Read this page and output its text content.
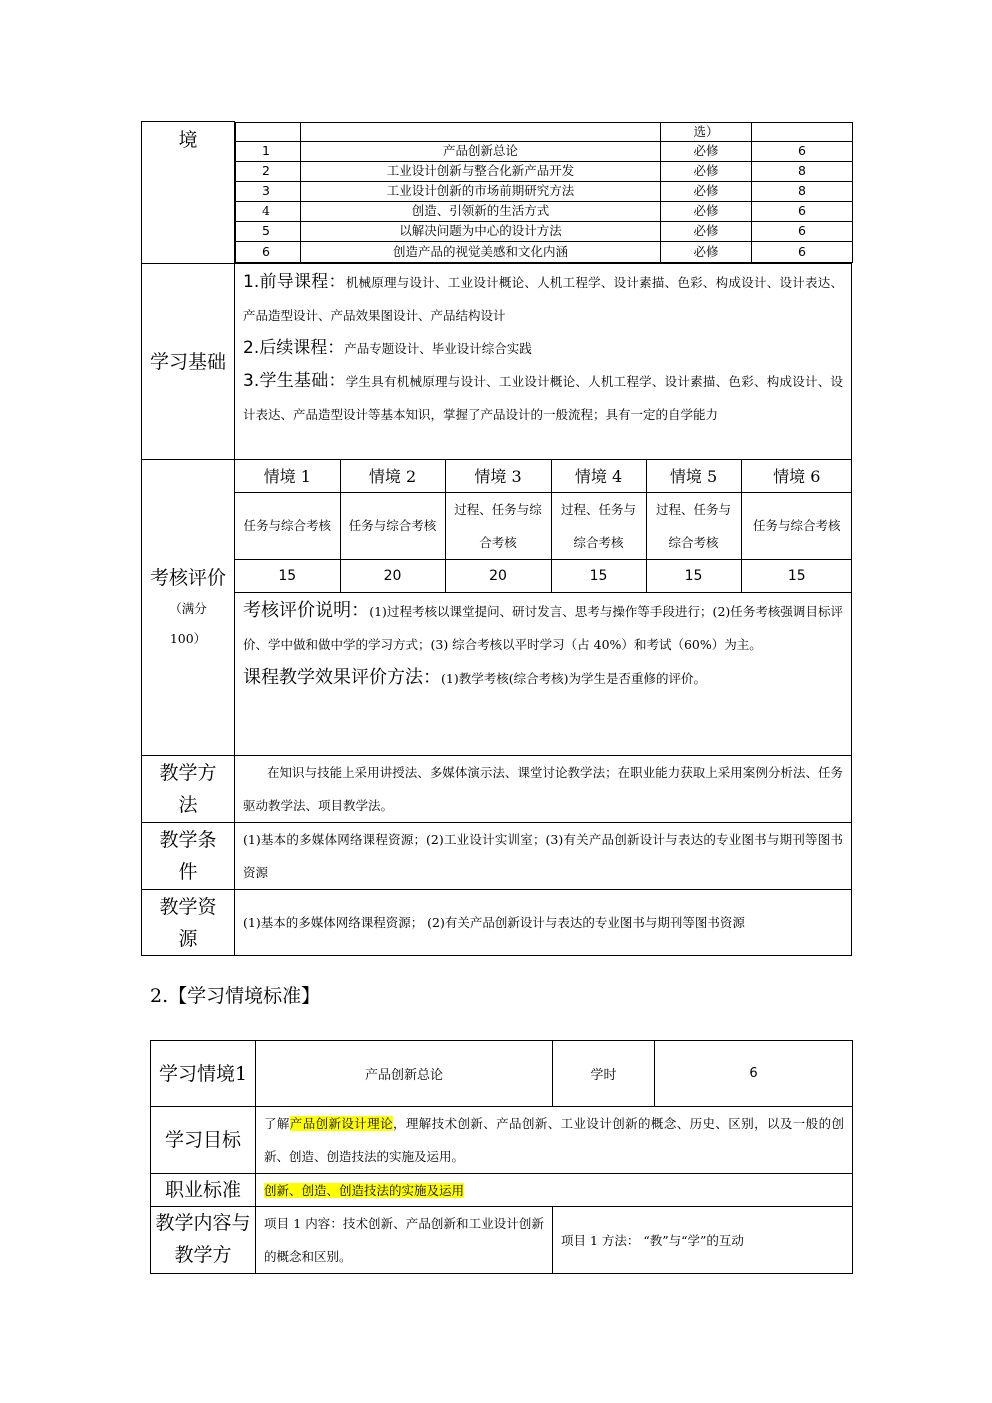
境

			选）	
1	产品创新总论	必修	6
2	工业设计创新与整合化新产品开发	必修	8
3	工业设计创新的市场前期研究方法	必修	8
4	创造、引领新的生活方式	必修	6
5	以解决问题为中心的设计方法	必修	6
6	创造产品的视觉美感和文化内涵	必修	6

学习基础

1.前导课程：机械原理与设计、工业设计概论、人机工程学、设计素描、色彩、构成设计、设计表达、产品造型设计、产品效果图设计、产品结构设计
2.后续课程：产品专题设计、毕业设计综合实践
3.学生基础：学生具有机械原理与设计、工业设计概论、人机工程学、设计素描、色彩、构成设计、设计表达、产品造型设计等基本知识，掌握了产品设计的一般流程；具有一定的自学能力

考核评价
（满分100）

情境 1	情境 2	情境 3	情境 4	情境 5	情境 6
任务与综合考核	任务与综合考核	过程、任务与综合考核	过程、任务与综合考核	过程、任务与综合考核	任务与综合考核
15	20	20	15	15	15
考核评价说明：(1)过程考核以课堂提问、研讨发言、思考与操作等手段进行；(2)任务考核强调目标评价、学中做和做中学的学习方式；(3) 综合考核以平时学习（占 40%）和考试（60%）为主。
课程教学效果评价方法：(1)教学考核(综合考核)为学生是否重修的评价。

教学方法

在知识与技能上采用讲授法、多媒体演示法、课堂讨论教学法；在职业能力获取上采用案例分析法、任务驱动教学法、项目教学法。

教学条件

(1)基本的多媒体网络课程资源；(2)工业设计实训室；(3)有关产品创新设计与表达的专业图书与期刊等图书资源

教学资源

(1)基本的多媒体网络课程资源； (2)有关产品创新设计与表达的专业图书与期刊等图书资源
2.【学习情境标准】
学习情境1	产品创新总论	学时	6

学习目标	了解产品创新设计理论，理解技术创新、产品创新、工业设计创新的概念、历史、区别，以及一般的创新、创造、创造技法的实施及运用。		

职业标准	创新、创造、创造技法的实施及运用		

教学内容与教学方	项目 1 内容：技术创新、产品创新和工业设计创新的概念和区别。	项目 1 方法： “教”与“学”的互动	
